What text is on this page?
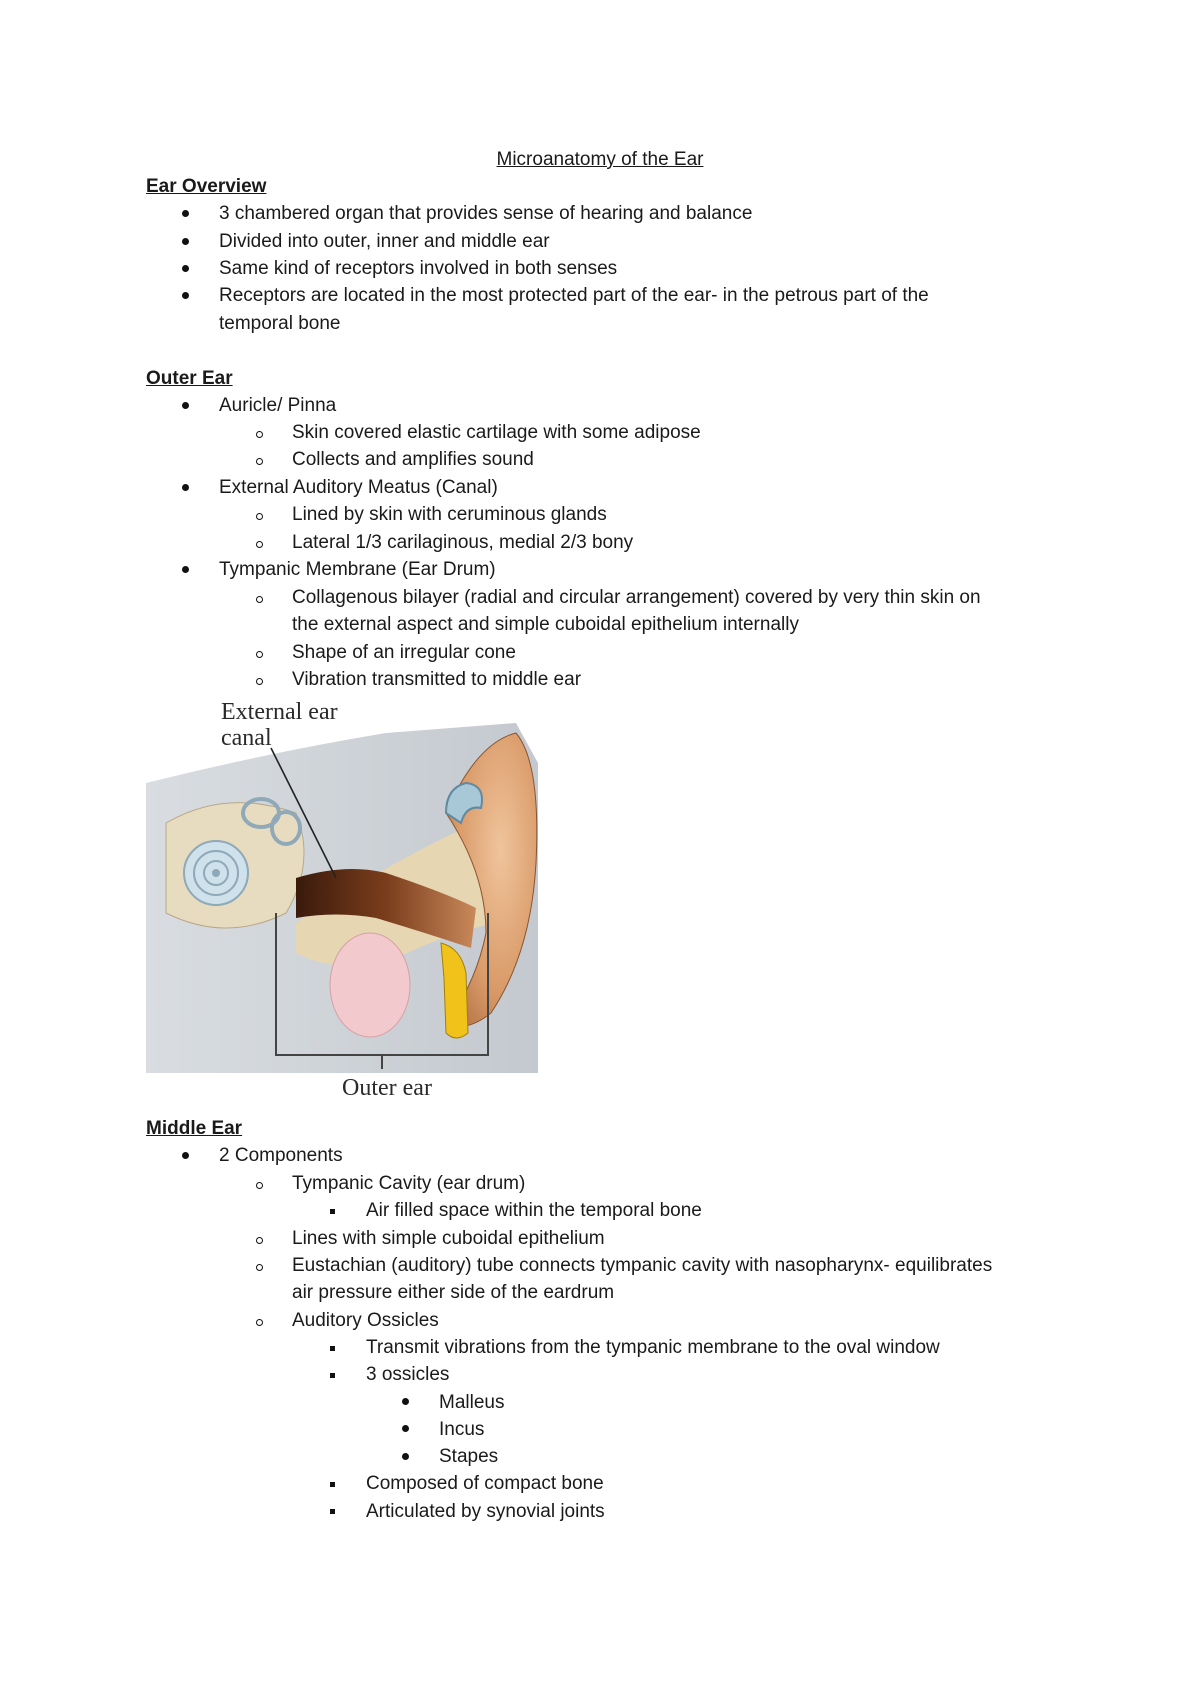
Microanatomy of the Ear
Ear Overview
3 chambered organ that provides sense of hearing and balance
Divided into outer, inner and middle ear
Same kind of receptors involved in both senses
Receptors are located in the most protected part of the ear- in the petrous part of the
temporal bone
Outer Ear
Auricle/ Pinna
Skin covered elastic cartilage with some adipose
Collects and amplifies sound
External Auditory Meatus (Canal)
Lined by skin with ceruminous glands
Lateral 1/3 carilaginous, medial 2/3 bony
Tympanic Membrane (Ear Drum)
Collagenous bilayer (radial and circular arrangement) covered by very thin skin on
the external aspect and simple cuboidal epithelium internally
Shape of an irregular cone
Vibration transmitted to middle ear
External ear
canal
Outer ear
Middle Ear
2 Components
Tympanic Cavity (ear drum)
Air filled space within the temporal bone
Lines with simple cuboidal epithelium
Eustachian (auditory) tube connects tympanic cavity with nasopharynx- equilibrates
air pressure either side of the eardrum
Auditory Ossicles
Transmit vibrations from the tympanic membrane to the oval window
3 ossicles
Malleus
Incus
Stapes
Composed of compact bone
Articulated by synovial joints
